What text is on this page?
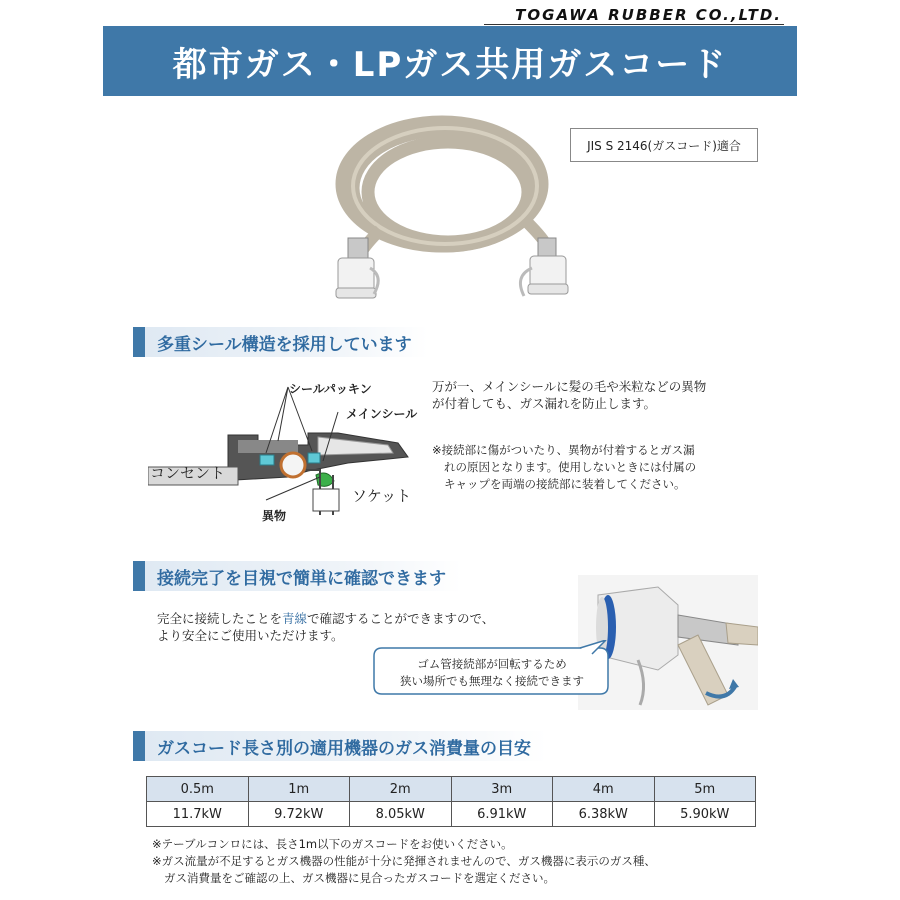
TOGAWA RUBBER CO.,LTD.
都市ガス・LPガス共用ガスコード
JIS S 2146(ガスコード)適合
多重シール構造を採用しています
シールパッキン
メインシール
コンセント
ソケット
異物
万が一、メインシールに髪の毛や米粒などの異物
が付着しても、ガス漏れを防止します。
※接続部に傷がついたり、異物が付着するとガス漏
れの原因となります。使用しないときには付属の
キャップを両端の接続部に装着してください。
接続完了を目視で簡単に確認できます
完全に接続したことを青線で確認することができますので、
より安全にご使用いただけます。
ゴム管接続部が回転するため
狭い場所でも無理なく接続できます
ガスコード長さ別の適用機器のガス消費量の目安
0.5m	1m	2m	3m	4m	5m
11.7kW	9.72kW	8.05kW	6.91kW	6.38kW	5.90kW
※テーブルコンロには、長さ1m以下のガスコードをお使いください。
※ガス流量が不足するとガス機器の性能が十分に発揮されませんので、ガス機器に表示のガス種、
ガス消費量をご確認の上、ガス機器に見合ったガスコードを選定ください。
